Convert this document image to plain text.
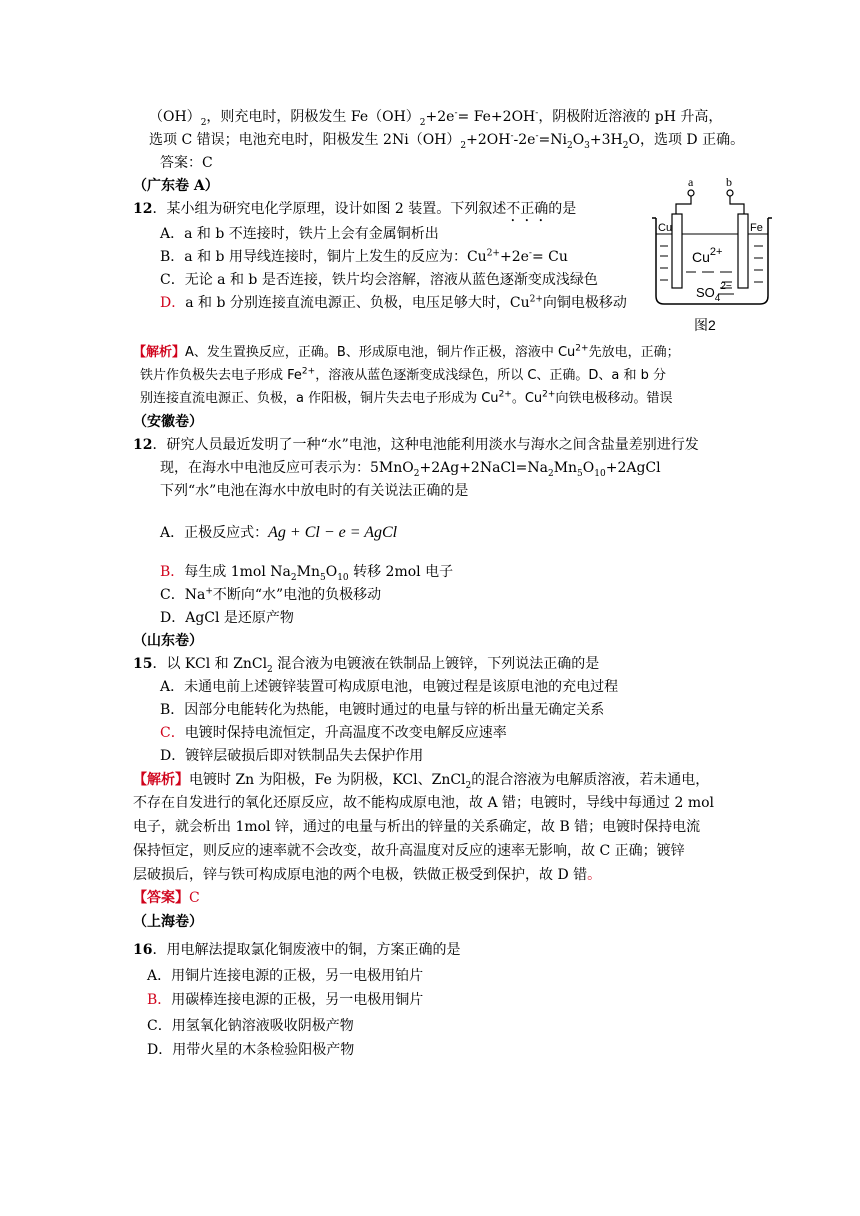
$(OH)_2$，则充电时，阴极发生 $Fe(OH)_2+2e^-= Fe+2OH^-$，阴极附近溶液的 pH 升高，
选项 C 错误；电池充电时，阳极发生 $2Ni(OH)_2+2OH^--2e^-=Ni_2O_3+3H_2O$，选项 D 正确。
答案：C
（广东卷 A）
12．某小组为研究电化学原理，设计如图 2 装置。下列叙述不正确的是
A．a 和 b 不连接时，铁片上会有金属铜析出
B．a 和 b 用导线连接时，铜片上发生的反应为：$Cu^{2+}+2e^-= Cu$
C．无论 a 和 b 是否连接，铁片均会溶解，溶液从蓝色逐渐变成浅绿色
D．a 和 b 分别连接直流电源正、负极，电压足够大时，$Cu^{2+}$向铜电极移动
a	b
Cu	Fe
$Cu^{2+}$
$SO_4^{2-}$
图2
【解析】A、发生置换反应，正确。B、形成原电池，铜片作正极，溶液中 $Cu^{2+}$先放电，正确；
铁片作负极失去电子形成 $Fe^{2+}$，溶液从蓝色逐渐变成浅绿色，所以 C、正确。D、a 和 b 分
别连接直流电源正、负极，a 作阳极，铜片失去电子形成为 $Cu^{2+}$。$Cu^{2+}$向铁电极移动。错误
（安徽卷）
12．研究人员最近发明了一种“水”电池，这种电池能利用淡水与海水之间含盐量差别进行发
现，在海水中电池反应可表示为：$5MnO_2+2Ag+2NaCl=Na_2Mn_5O_{10}+2AgCl$
下列“水”电池在海水中放电时的有关说法正确的是
A．正极反应式：Ag + Cl − e = AgCl
B．每生成 1mol $Na_2Mn_5O_{10}$ 转移 2mol 电子
C．Na+不断向“水”电池的负极移动
D．AgCl 是还原产物
（山东卷）
15．以 KCl 和 ZnCl$_2$ 混合液为电镀液在铁制品上镀锌，下列说法正确的是
A．未通电前上述镀锌装置可构成原电池，电镀过程是该原电池的充电过程
B．因部分电能转化为热能，电镀时通过的电量与锌的析出量无确定关系
C．电镀时保持电流恒定，升高温度不改变电解反应速率
D．镀锌层破损后即对铁制品失去保护作用
【解析】电镀时 Zn 为阳极，Fe 为阴极，KCl、ZnCl$_2$的混合溶液为电解质溶液，若未通电，
不存在自发进行的氧化还原反应，故不能构成原电池，故 A 错；电镀时，导线中每通过 2 mol
电子，就会析出 1mol 锌，通过的电量与析出的锌量的关系确定，故 B 错；电镀时保持电流
保持恒定，则反应的速率就不会改变，故升高温度对反应的速率无影响，故 C 正确；镀锌
层破损后，锌与铁可构成原电池的两个电极，铁做正极受到保护，故 D 错。
【答案】C
（上海卷）
16．用电解法提取氯化铜废液中的铜，方案正确的是
A．用铜片连接电源的正极，另一电极用铂片
B．用碳棒连接电源的正极，另一电极用铜片
C．用氢氧化钠溶液吸收阴极产物
D．用带火星的木条检验阳极产物
